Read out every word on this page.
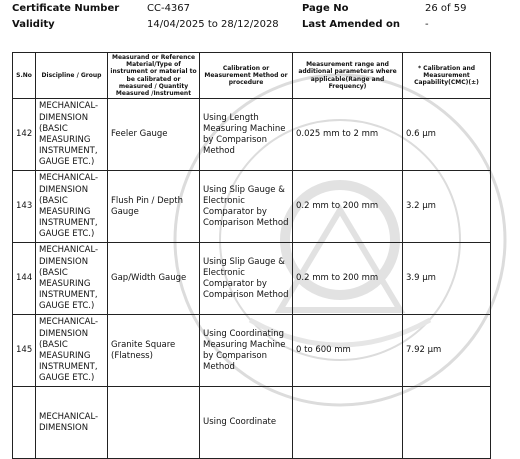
Certificate Number	CC-4367	Page No	26 of 59
Validity	14/04/2025 to 28/12/2028 Last Amended on	-
S.No	Discipline / Group	Measurand or Reference Material/Type of instrument or material to be calibrated or measured / Quantity Measured /Instrument	Calibration or Measurement Method or procedure	Measurement range and additional parameters where applicable(Range and Frequency)	* Calibration and Measurement Capability(CMC)(±)
142	MECHANICAL- DIMENSION (BASIC MEASURING INSTRUMENT, GAUGE ETC.)	Feeler Gauge	Using Length Measuring Machine by Comparison Method	0.025 mm to 2 mm	0.6 µm
143	MECHANICAL- DIMENSION (BASIC MEASURING INSTRUMENT, GAUGE ETC.)	Flush Pin / Depth Gauge	Using Slip Gauge & Electronic Comparator by Comparison Method	0.2 mm to 200 mm	3.2 µm
144	MECHANICAL- DIMENSION (BASIC MEASURING INSTRUMENT, GAUGE ETC.)	Gap/Width Gauge	Using Slip Gauge & Electronic Comparator by Comparison Method	0.2 mm to 200 mm	3.9 µm
145	MECHANICAL- DIMENSION (BASIC MEASURING INSTRUMENT, GAUGE ETC.)	Granite Square (Flatness)	Using Coordinating Measuring Machine by Comparison Method	0 to 600 mm	7.92 µm
	MECHANICAL- DIMENSION		Using Coordinate		
